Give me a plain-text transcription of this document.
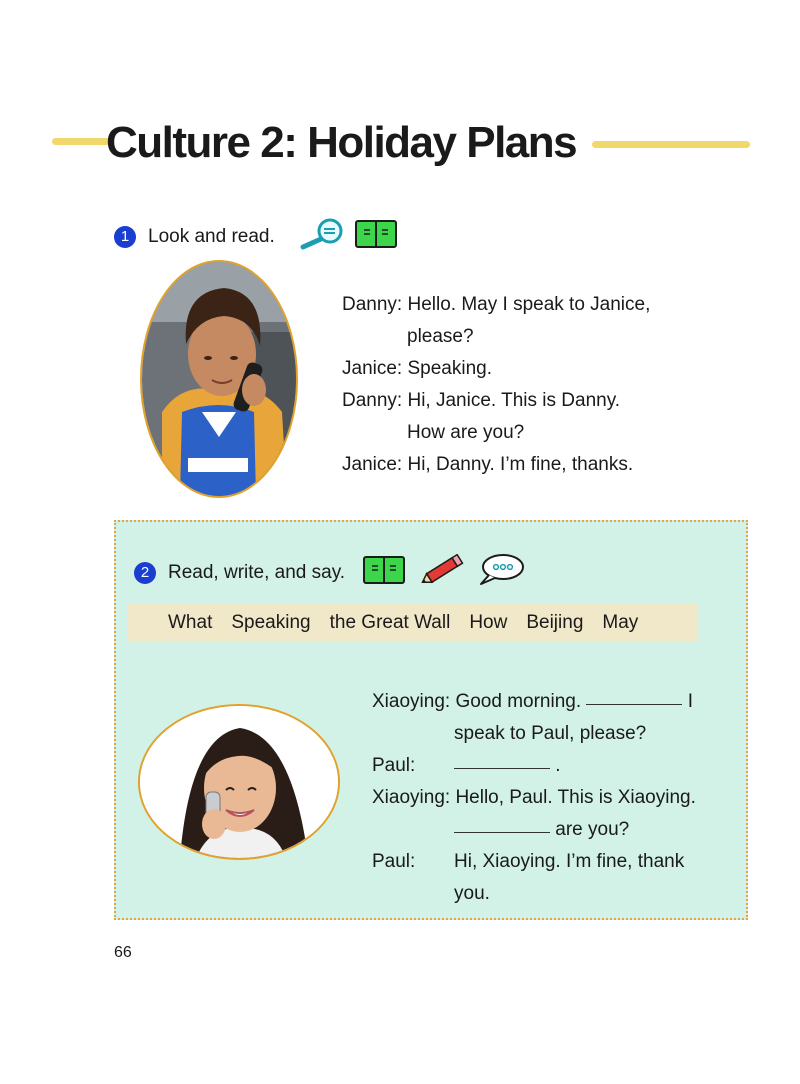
Culture 2: Holiday Plans
1 Look and read.
Danny:
Hello. May I speak to Janice,
please?
Janice:
Speaking.
Danny:
Hi, Janice. This is Danny.
How are you?
Janice:
Hi, Danny. I’m fine, thanks.
2 Read, write, and say.
What Speaking the Great Wall How Beijing May
Xiaoying:
Good morning.

	I
speak to Paul, please?
Paul:
	.
Xiaoying:
Hello, Paul. This is Xiaoying.

are you?
Paul:	Hi, Xiaoying. I’m fine, thank
you.
66
